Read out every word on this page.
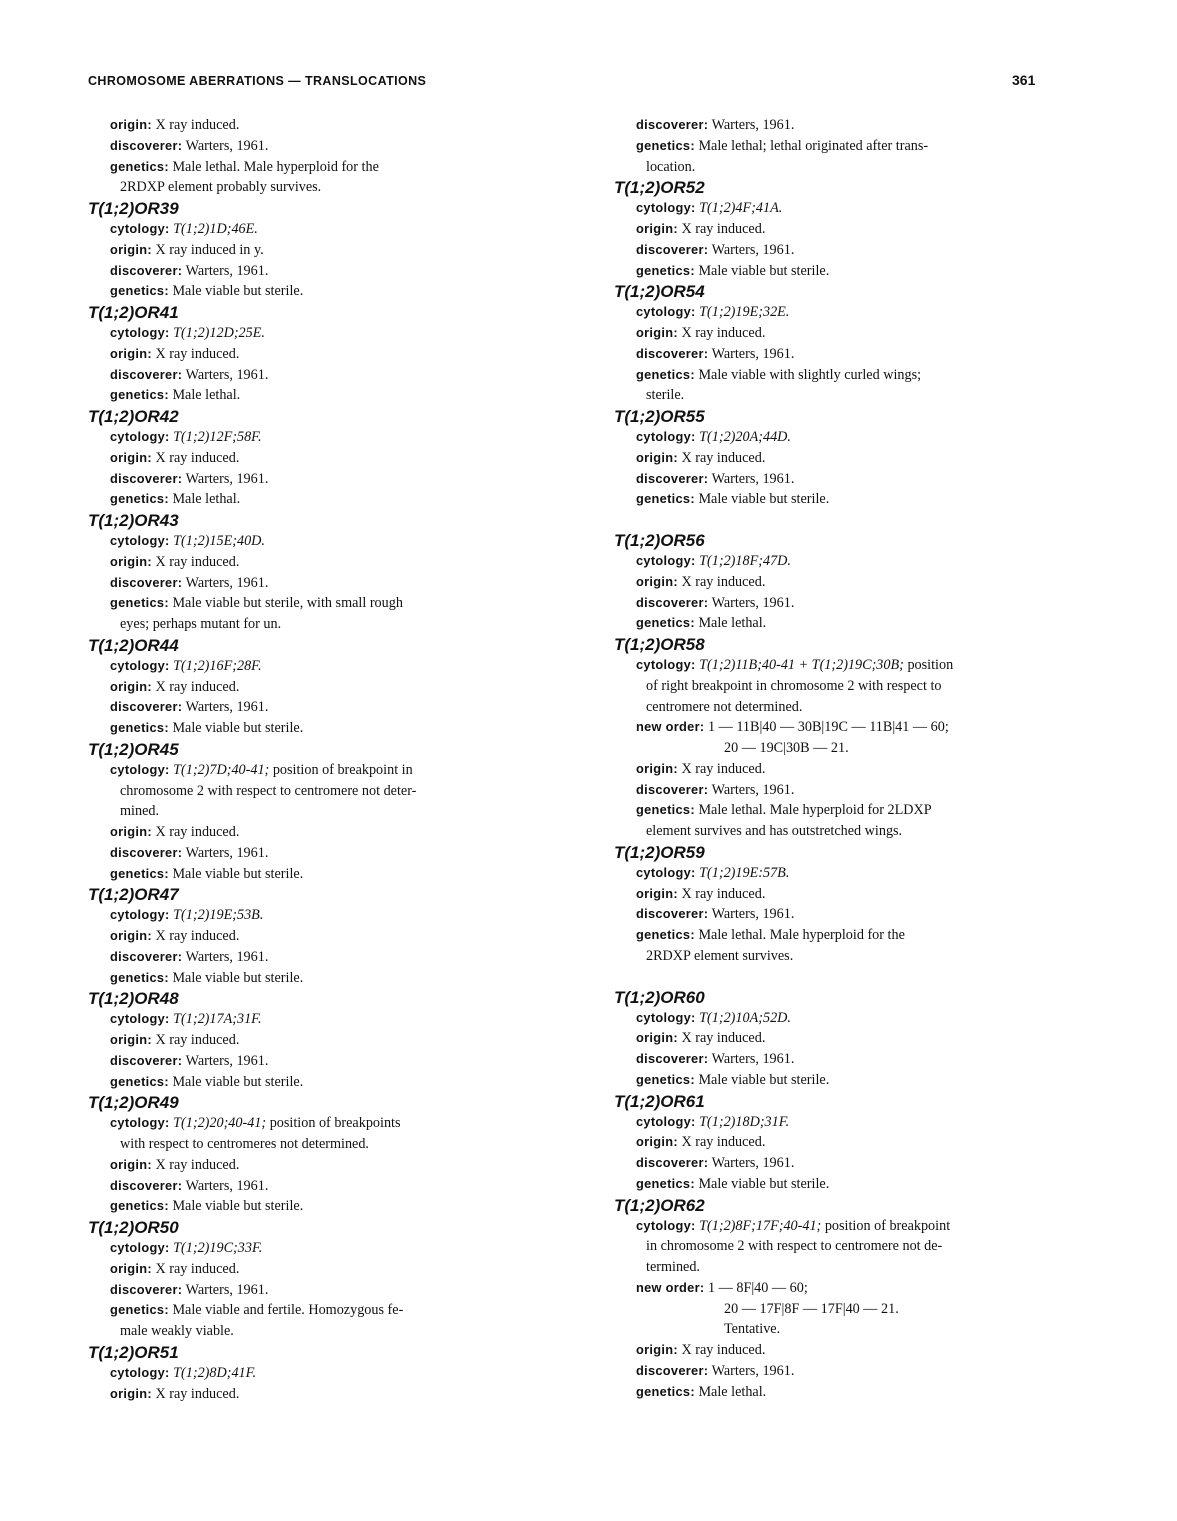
CHROMOSOME ABERRATIONS — TRANSLOCATIONS	361
origin: X ray induced.
discoverer: Warters, 1961.
genetics: Male lethal. Male hyperploid for the
2RDXP element probably survives.
T(1;2)OR39
cytology: T(1;2)1D;46E.
origin: X ray induced in y.
discoverer: Warters, 1961.
genetics: Male viable but sterile.
T(1;2)OR41
cytology: T(1;2)12D;25E.
origin: X ray induced.
discoverer: Warters, 1961.
genetics: Male lethal.
T(1;2)OR42
cytology: T(1;2)12F;58F.
origin: X ray induced.
discoverer: Warters, 1961.
genetics: Male lethal.
T(1;2)OR43
cytology: T(1;2)15E;40D.
origin: X ray induced.
discoverer: Warters, 1961.
genetics: Male viable but sterile, with small rough
eyes; perhaps mutant for un.
T(1;2)OR44
cytology: T(1;2)16F;28F.
origin: X ray induced.
discoverer: Warters, 1961.
genetics: Male viable but sterile.
T(1;2)OR45
cytology: T(1;2)7D;40-41; position of breakpoint in
chromosome 2 with respect to centromere not deter-
mined.
origin: X ray induced.
discoverer: Warters, 1961.
genetics: Male viable but sterile.
T(1;2)OR47
cytology: T(1;2)19E;53B.
origin: X ray induced.
discoverer: Warters, 1961.
genetics: Male viable but sterile.
T(1;2)OR48
cytology: T(1;2)17A;31F.
origin: X ray induced.
discoverer: Warters, 1961.
genetics: Male viable but sterile.
T(1;2)OR49
cytology: T(1;2)20;40-41; position of breakpoints
with respect to centromeres not determined.
origin: X ray induced.
discoverer: Warters, 1961.
genetics: Male viable but sterile.
T(1;2)OR50
cytology: T(1;2)19C;33F.
origin: X ray induced.
discoverer: Warters, 1961.
genetics: Male viable and fertile. Homozygous fe-
male weakly viable.
T(1;2)OR51
cytology: T(1;2)8D;41F.
origin: X ray induced.
discoverer: Warters, 1961.
genetics: Male lethal; lethal originated after trans-
location.
T(1;2)OR52
cytology: T(1;2)4F;41A.
origin: X ray induced.
discoverer: Warters, 1961.
genetics: Male viable but sterile.
T(1;2)OR54
cytology: T(1;2)19E;32E.
origin: X ray induced.
discoverer: Warters, 1961.
genetics: Male viable with slightly curled wings;
sterile.
T(1;2)OR55
cytology: T(1;2)20A;44D.
origin: X ray induced.
discoverer: Warters, 1961.
genetics: Male viable but sterile.
T(1;2)OR56
cytology: T(1;2)18F;47D.
origin: X ray induced.
discoverer: Warters, 1961.
genetics: Male lethal.
T(1;2)OR58
cytology: T(1;2)11B;40-41 + T(1;2)19C;30B; position
of right breakpoint in chromosome 2 with respect to
centromere not determined.
new order: 1 — 11B|40 — 30B|19C — 11B|41 — 60;
20 — 19C|30B — 21.
origin: X ray induced.
discoverer: Warters, 1961.
genetics: Male lethal. Male hyperploid for 2LDXP
element survives and has outstretched wings.
T(1;2)OR59
cytology: T(1;2)19E:57B.
origin: X ray induced.
discoverer: Warters, 1961.
genetics: Male lethal. Male hyperploid for the
2RDXP element survives.
T(1;2)OR60
cytology: T(1;2)10A;52D.
origin: X ray induced.
discoverer: Warters, 1961.
genetics: Male viable but sterile.
T(1;2)OR61
cytology: T(1;2)18D;31F.
origin: X ray induced.
discoverer: Warters, 1961.
genetics: Male viable but sterile.
T(1;2)OR62
cytology: T(1;2)8F;17F;40-41; position of breakpoint
in chromosome 2 with respect to centromere not de-
termined.
new order: 1 — 8F|40 — 60;
20 — 17F|8F — 17F|40 — 21.
Tentative.
origin: X ray induced.
discoverer: Warters, 1961.
genetics: Male lethal.
